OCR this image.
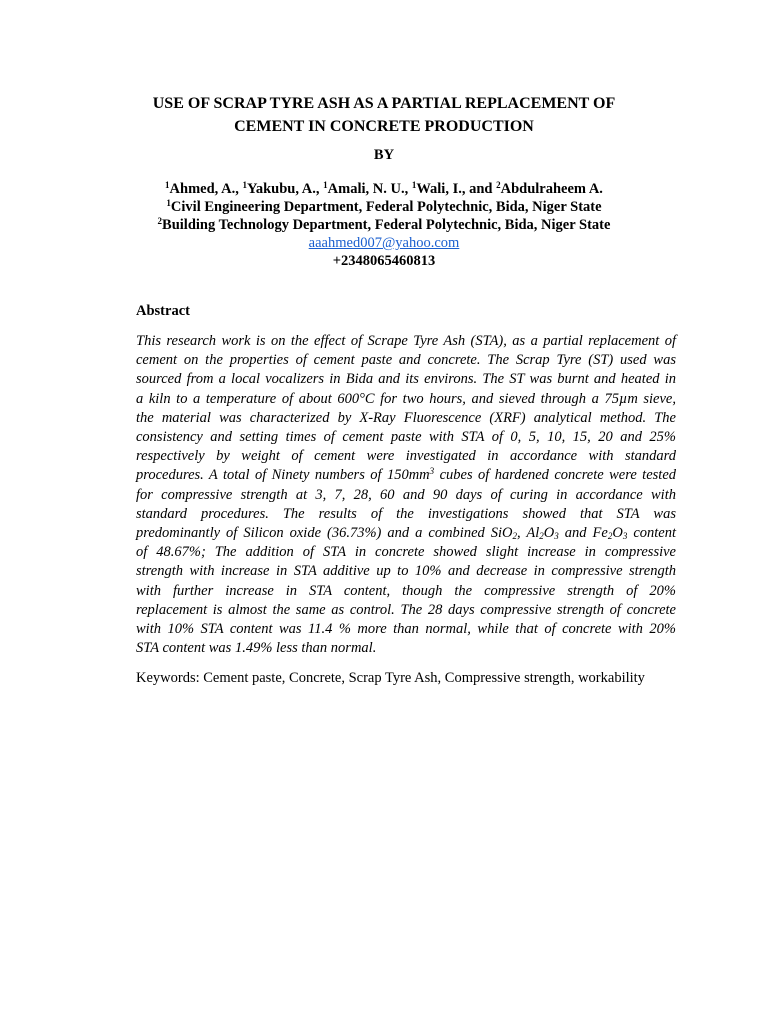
USE OF SCRAP TYRE ASH AS A PARTIAL REPLACEMENT OF
CEMENT IN CONCRETE PRODUCTION
BY
$^1$Ahmed, A., $^1$Yakubu, A., $^1$Amali, N. U., $^1$Wali, I., and $^2$Abdulraheem A.
$^1$Civil Engineering Department, Federal Polytechnic, Bida, Niger State
$^2$Building Technology Department, Federal Polytechnic, Bida, Niger State
aaahmed007@yahoo.com
+2348065460813
Abstract
This research work is on the effect of Scrape Tyre Ash (STA), as a partial replacement of
cement on the properties of cement paste and concrete. The Scrap Tyre (ST) used was
sourced from a local vocalizers in Bida and its environs. The ST was burnt and heated in
a kiln to a temperature of about 600°C for two hours, and sieved through a 75µm sieve,
the material was characterized by X-Ray Fluorescence (XRF) analytical method. The
consistency and setting times of cement paste with STA of 0, 5, 10, 15, 20 and 25%
respectively by weight of cement were investigated in accordance with standard
procedures. A total of Ninety numbers of $150mm^3$ cubes of hardened concrete were tested
for compressive strength at 3, 7, 28, 60 and 90 days of curing in accordance with
standard procedures. The results of the investigations showed that STA was
predominantly of Silicon oxide (36.73%) and a combined SiO$_2$, $Al_2O_3$ and $Fe_2O_3$ content
of 48.67%; The addition of STA in concrete showed slight increase in compressive
strength with increase in STA additive up to 10% and decrease in compressive strength
with further increase in STA content, though the compressive strength of 20%
replacement is almost the same as control. The 28 days compressive strength of concrete
with 10% STA content was 11.4 % more than normal, while that of concrete with 20%
STA content was 1.49% less than normal.
Keywords: Cement paste, Concrete, Scrap Tyre Ash, Compressive strength, workability
